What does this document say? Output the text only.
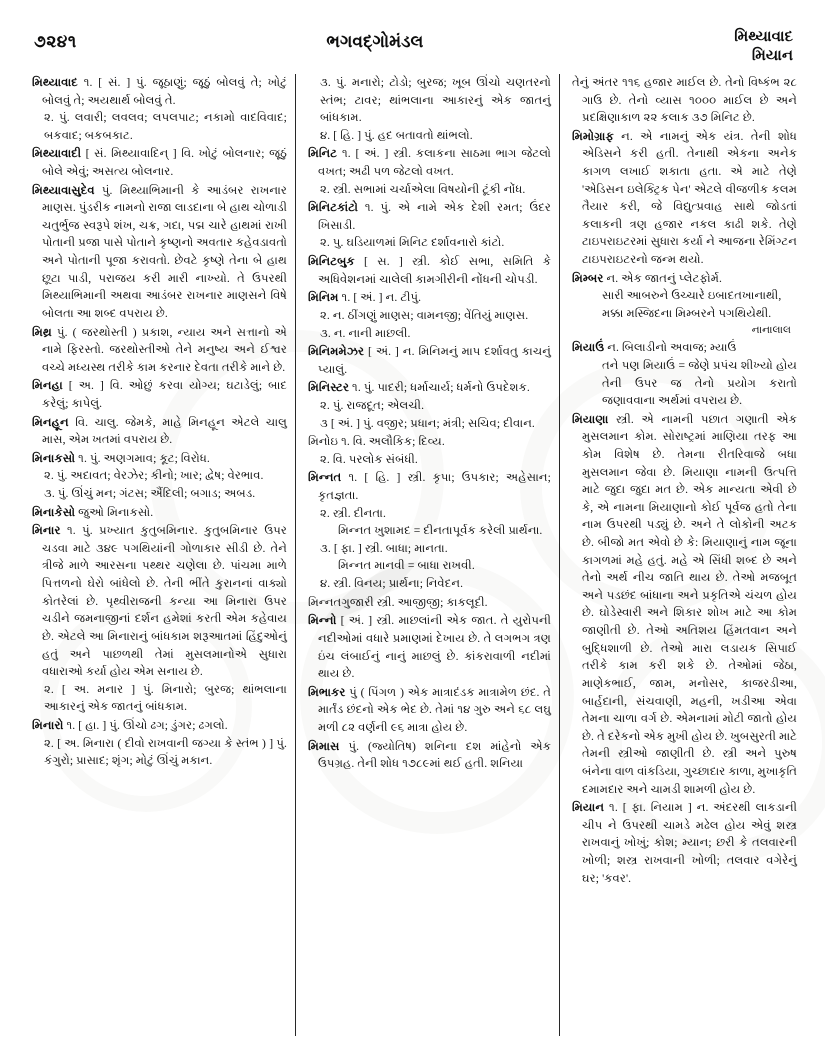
૭૨૪૧	ભગવદ્‌ગોમંડલ	મિથ્યાવાદ
મિયાન

મિથ્યાવાદ ૧. [ સં. ] પું. જૂઠાણું; જૂઠું બોલવું તે; ખોટું બોલવું તે; અયથાર્થ બોલવું તે.

૨. પું. લવારી; લવલવ; લપલપાટ; નકામો વાદવિવાદ; બકવાદ; બકબકાટ.

મિથ્યાવાદી [ સં. મિથ્યાવાદિન્ ] વિ. ખોટું બોલનાર; જૂઠું બોલે એવું; અસત્ય બોલનાર.

મિથ્યાવાસુદેવ પું. મિથ્યાભિમાની કે આડંબર રાખનાર માણસ. પુંડરીક નામનો રાજા લાડદાના બે હાથ ચોળાડી ચતુર્ભુજ સ્વરૂપે શંખ, ચક્ર, ગદા, પદ્મ ચારે હાથમાં રાખી પોતાની પ્રજા પાસે પોતાને કૃષ્ણનો અવતાર કહેવડાવતો અને પોતાની પૂજા કરાવતો. છેવટે કૃષ્ણે તેના બે હાથ છૂટા પાડી, પરાજય કરી મારી નાખ્યો. તે ઉપરથી મિથ્યાભિમાની અથવા આડંબર રાખનાર માણસને વિષે બોલતા આ શબ્દ વપરાય છે.

મિથ્ર પું. ( જરથોસ્તી ) પ્રકાશ, ન્યાય અને સત્તાનો એ નામે ફિરસ્તો. જરથોસ્તીઓ તેને મનુષ્ય અને ઈશ્વર વચ્ચે મધ્યસ્થ તરીકે કામ કરનાર દેવતા તરીકે માને છે.

મિનહા [ અ. ] વિ. ઓછું કરવા યોગ્ય; ઘટાડેલું; બાદ કરેલું; કાપેલું.

મિનહૂન વિ. ચાલુ. જેમકે, માહે મિનહૂન એટલે ચાલુ માસ, એમ ખતમાં વપરાય છે.

મિનાકસો ૧. પું. અણગમાવ; કૂટ; વિરોધ.

૨. પું. અદાવત; વેરઝેર; કીનો; ખાર; દ્વેષ; વેરભાવ.

૩. પું. ઊંચું મન; ગંટસ; ઐંદિલી; બગાડ; અબડ.

મિનાકેસો જુઓ મિનાકસો.

મિનાર ૧. પું. પ્રખ્યાત કુતુબમિનાર. કુતુબમિનાર ઉપર ચડવા માટે ૩૪૯ પગથિયાંની ગોળાકાર સીડી છે. તેને ત્રીજે માળે આરસના પથ્થર ચણેલા છે. પાંચમા માળે પિત્તળનો ઘેરો બાંધેલો છે. તેની ભીંતે કુરાનનાં વાક્યો કોતરેલાં છે. પૃથ્વીરાજની કન્યા આ મિનારા ઉપર ચડીને જમનાજીનાં દર્શન હમેશાં કરતી એમ કહેવાય છે. એટલે આ મિનારાનું બાંધકામ શરૂઆતમાં હિંદુઓનું હતું અને પાછળથી તેમાં મુસલમાનોએ સુધારા વધારાઓ કર્યા હોય એમ સનાય છે.

૨. [ અ. મનાર ] પું. મિનારો; બુરજ; થાંભલાના આકારનું એક જાતનું બાંધકામ.

મિનારો ૧. [ હા. ] પું. ઊંચો ઢગ; ડુંગર; ઢગલો.

૨. [ અ. મિનારા ( દીવો રાખવાની જગ્યા કે સ્તંભ ) ] પું. કંગુરો; પ્રાસાદ; શૃંગ; મોટું ઊંચું મકાન.

૩. પું. મનારો; ટોડો; બુરજ; ખૂબ ઊંચો ચણતરનો સ્તંભ; ટાવર; થાંભલાના આકારનું એક જાતનું બાંધકામ.

૪. [ હિ. ] પું. હદ બતાવતો થાંભલો.

મિનિટ ૧. [ અં. ] સ્ત્રી. કલાકના સાઠમા ભાગ જેટલો વખત; અઢી પળ જેટલો વખત.

૨. સ્ત્રી. સભામાં ચર્ચાએલા વિષયોની ટૂંકી નોંધ.

મિનિટકાંટો ૧. પું. એ નામે એક દેશી રમત; ઉંદર ખિસાડી.

૨. પુ. ઘડિયાળમાં મિનિટ દર્શાવનારો કાંટો.

મિનિટબુક [ સ. ] સ્ત્રી. કોઈ સભા, સમિતિ કે અધિવેશનમાં ચાલેલી કામગીરીની નોંધની ચોપડી.

મિનિમ ૧. [ અં. ] ન. ટીપું.

૨. ન. ઠીંગણું માણસ; વામનજી; વેંતિયું માણસ.

૩. ન. નાની માછલી.

મિનિમમેઝર [ અં. ] ન. મિનિમનું માપ દર્શાવતુ કાચનું પ્યાલું.

મિનિસ્ટર ૧. પું. પાદરી; ધર્માચાર્ય; ધર્મનો ઉપદેશક.

૨. પું. રાજદૂત; એલચી.

૩ [ અં. ] પું. વજીર; પ્રધાન; મંત્રી; સચિવ; દીવાન.

મિનોઇ ૧. વિ. અલૌકિક; દિવ્ય.

૨. વિ. પરલોક સંબંધી.

મિન્નત ૧. [ હિ. ] સ્ત્રી. કૃપા; ઉપકાર; અહેસાન; કૃતજ્ઞતા.

૨. સ્ત્રી. દીનતા.

મિન્નત ખુશામદ = દીનતાપૂર્વક કરેલી પ્રાર્થના.

૩. [ ફા. ] સ્ત્રી. બાધા; માનતા.

મિન્નત માનવી = બાધા રાખવી.

૪. સ્ત્રી. વિનય; પ્રાર્થના; નિવેદન.

મિન્નતગુજારી સ્ત્રી. આજીજી; કાકલૂદી.

મિન્નો [ અં. ] સ્ત્રી. માછલાંની એક જાત. તે યુરોપની નદીઓમાં વધારે પ્રમાણમાં દેખાય છે. તે લગભગ ત્રણ ઇંચ લંબાઈનું નાનું માછલું છે. કાંકરાવાળી નદીમાં થાય છે.

મિભાકર પું ( પિંગળ ) એક માત્રાદંડક માત્રામેળ છંદ. તે માર્તંડ છંદનો એક ભેદ છે. તેમાં ૧૪ ગુરુ અને ૬૮ લઘુ મળી ૮૨ વર્ણની ૯૬ માત્રા હોય છે.

મિમાસ પું. (જ્યોતિષ) શનિના દશ માંહેનો એક ઉપગ્રહ. તેની શોધ ૧૭૮૯માં થઈ હતી. શનિયા

તેનું અંતર ૧૧૬ હજાર માઈલ છે. તેનો વિષ્કંભ ૨૮ ગાઉ છે. તેનો વ્યાસ ૧૦૦૦ માઈલ છે અને પ્રદક્ષિણાકાળ ૨૨ કલાક ૩૭ મિનિટ છે.

મિમોગ્રાફ ન. એ નામનું એક યંત્ર. તેની શોધ એડિસને કરી હતી. તેનાથી એકના અનેક કાગળ લખાઈ શકાતા હતા. એ માટે તેણે 'એડિસન ઇલેક્ટ્રિક પેન' એટલે વીજળીક કલમ તૈયાર કરી, જે વિદ્યુત્પ્રવાહ સાથે જોડતાં કલાકની ત્રણ હજાર નકલ કાઢી શકે. તેણે ટાઇપરાઇટરમાં સુધારા કર્યા ને આજના રેમિંગ્ટન ટાઇપરાઇટરનો જન્મ થયો.

મિમ્બર ન. એક જાતનું પ્લેટફોર્મ.

સારી આબરુને ઉચ્ચારે ઇબાદતખાનાથી,

મક્કા મસ્જિદના મિમ્બરને પગથિયેથી.

નાનાલાલ

મિયાઉં ન. બિલાડીનો અવાજ; મ્યાઉં

તને પણ મિયાઉં = જેણે પ્રપંચ શીખ્યો હોય તેની ઉપર જ તેનો પ્રયોગ કરાતો જણાવવાના અર્થમાં વપરાય છે.

મિયાણા સ્ત્રી. એ નામની પછાત ગણાતી એક મુસલમાન કોમ. સોરાષ્ટ્રમાં માણિયા તરફ આ કોમ વિશેષ છે. તેમના રીતરિવાજે બધા મુસલમાન જેવા છે. મિયાણા નામની ઉત્પત્તિ માટે જુદા જુદા મત છે. એક માન્યતા એવી છે કે, એ નામના મિયાણાનો કોઈ પૂર્વજ હતો તેના નામ ઉપરથી પડ્યું છે. અને તે લોકોની અટક છે. બીજો મત એવો છે કે: મિયાણાનું નામ જૂના કાગળમાં મહે હતું. મહે એ સિંધી શબ્દ છે અને તેનો અર્થ નીચ જાતિ થાય છે. તેઓ મજબૂત અને પડછંદ બાંધાના અને પ્રકૃતિએ ચંચળ હોય છે. ઘોડેસ્વારી અને શિકાર શોખ માટે આ કોમ જાણીતી છે. તેઓ અતિશય હિંમતવાન અને બુદ્ધિશાળી છે. તેઓ મારા લડાયક સિપાઈ તરીકે કામ કરી શકે છે. તેઓમાં જેઠા, માણેકભાઈ, જામ, મનોસર, કાજરડીઆ, બાર્હદાની, સંચવાણી, મહની, ખડીઆ એવા તેમના ચાળા વર્ગ છે. એમનામાં મોટી જાતો હોય છે. તે દરેકનો એક મુખી હોય છે. ખુબસુરતી માટે તેમની સ્ત્રીઓ જાણીતી છે. સ્ત્રી અને પુરુષ બંનેના વાળ વાંકડિયા, ગુચ્છાદાર કાળા, મુખાકૃતિ દમામદાર અને ચામડી શામળી હોય છે.

મિયાન ૧. [ ફા. નિયામ ] ન. અંદરથી લાકડાની ચીપ ને ઉપરથી ચામડે મઢેલ હોય એવું શસ્ત્ર રાખવાનું ખોખું; કોશ; મ્યાન; છરી કે તલવારની ખોળી; શસ્ત્ર રાખવાની ખોળી; તલવાર વગેરેનું ઘર; 'કવર'.
